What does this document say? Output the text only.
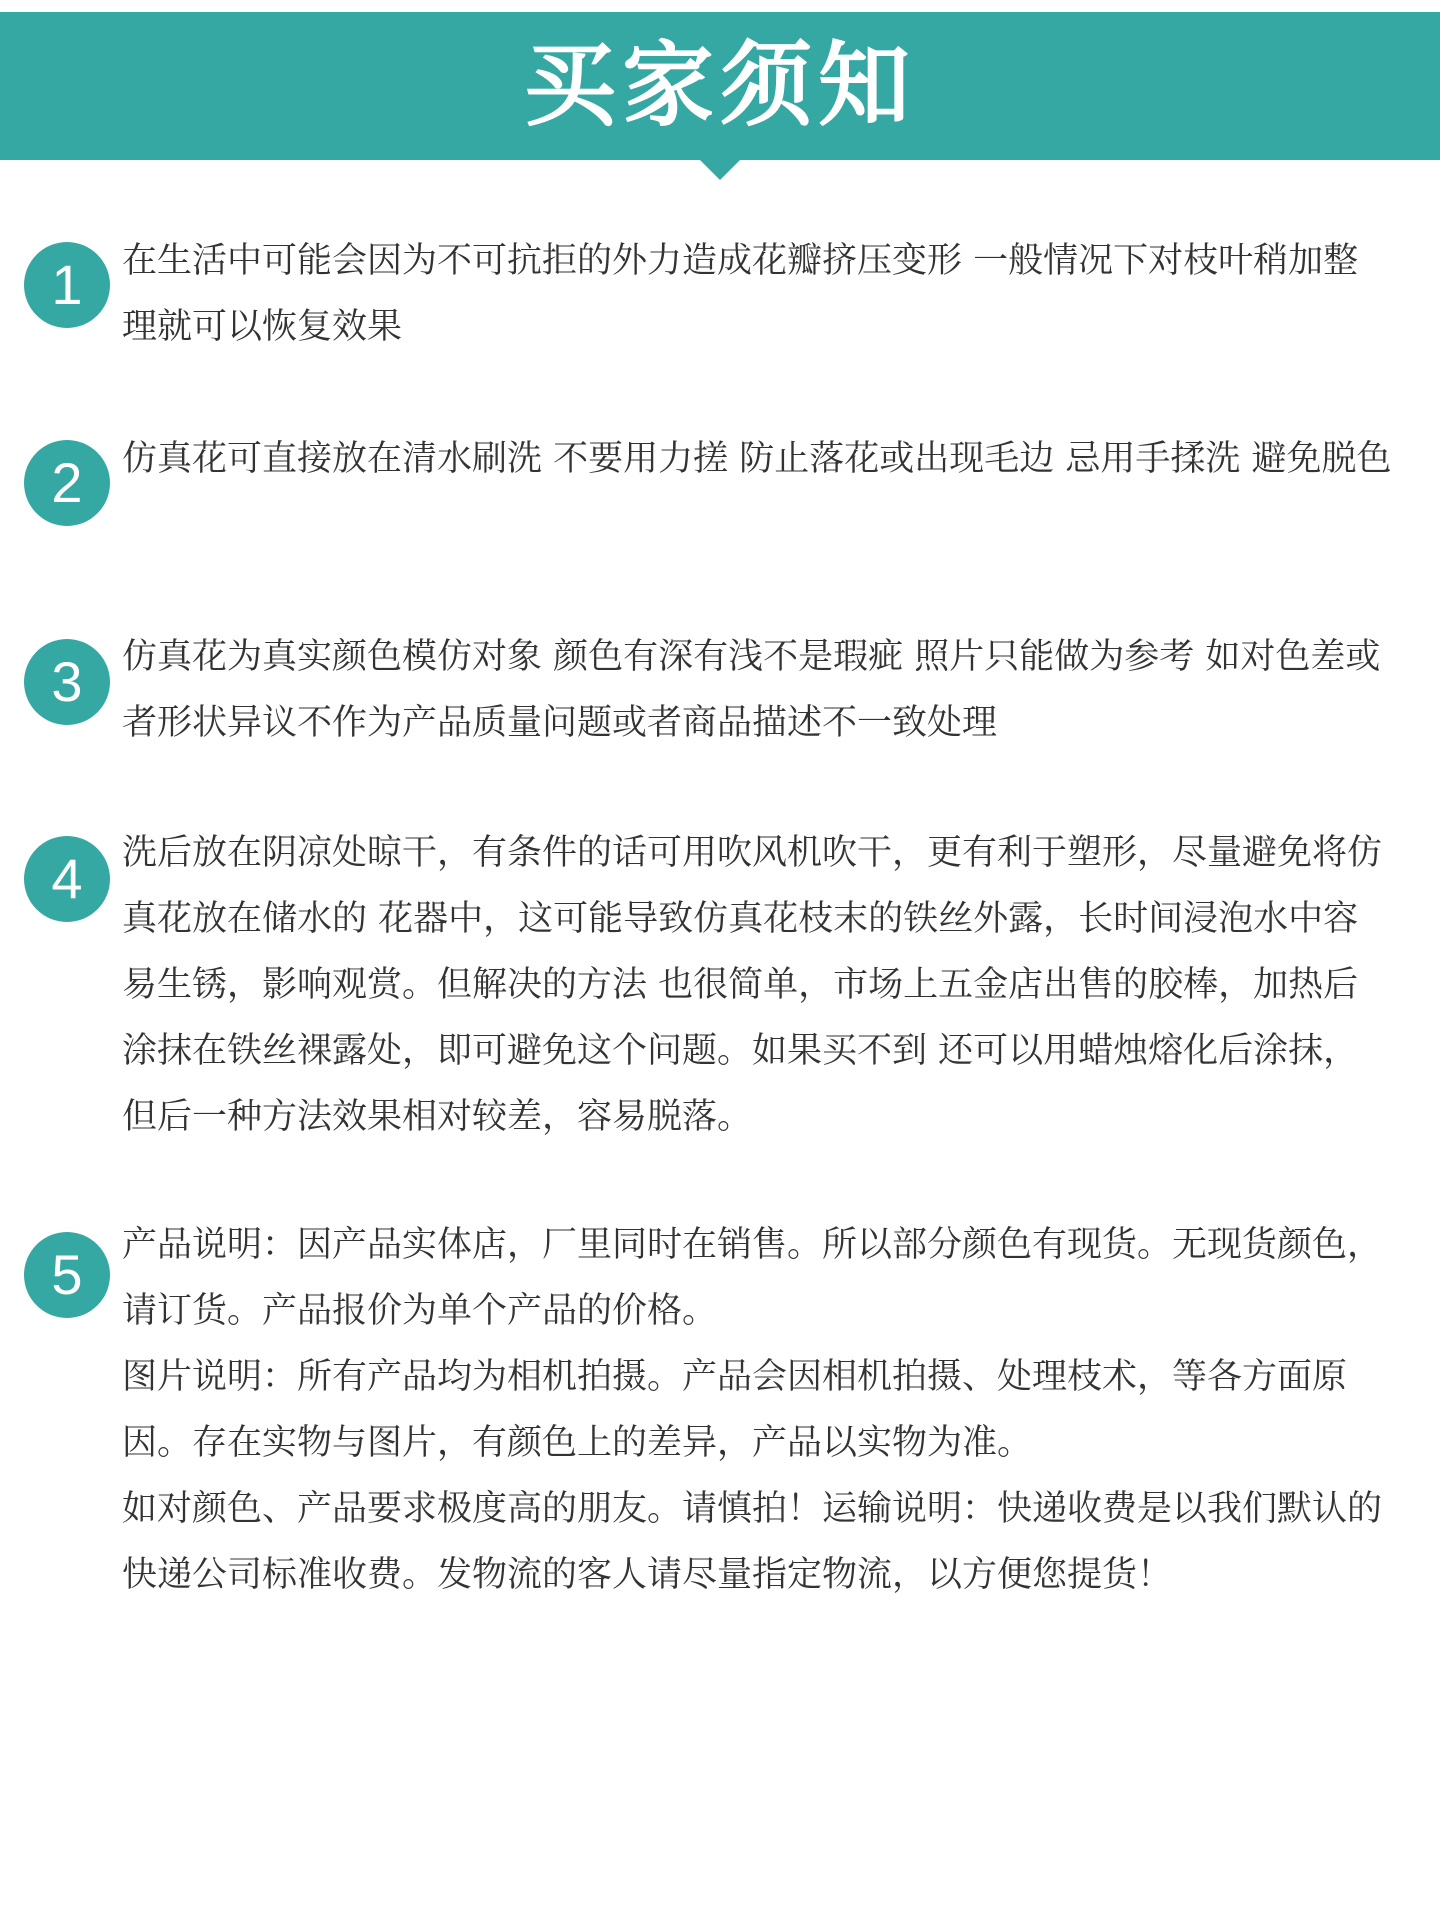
买家须知
1	在生活中可能会因为不可抗拒的外力造成花瓣挤压变形 一般情况下对枝叶稍加整理就可以恢复效果

2	仿真花可直接放在清水刷洗 不要用力搓 防止落花或出现毛边 忌用手揉洗 避免脱色

3	仿真花为真实颜色模仿对象 颜色有深有浅不是瑕疵 照片只能做为参考 如对色差或者形状异议不作为产品质量问题或者商品描述不一致处理

4	洗后放在阴凉处晾干，有条件的话可用吹风机吹干，更有利于塑形，尽量避免将仿真花放在储水的 花器中，这可能导致仿真花枝末的铁丝外露，长时间浸泡水中容易生锈，影响观赏。但解决的方法 也很简单，市场上五金店出售的胶棒，加热后涂抹在铁丝裸露处，即可避免这个问题。如果买不到 还可以用蜡烛熔化后涂抹，但后一种方法效果相对较差，容易脱落。

5	产品说明：因产品实体店，厂里同时在销售。所以部分颜色有现货。无现货颜色，请订货。产品报价为单个产品的价格。

图片说明：所有产品均为相机拍摄。产品会因相机拍摄、处理枝术，等各方面原因。存在实物与图片，有颜色上的差异，产品以实物为准。

如对颜色、产品要求极度高的朋友。请慎拍！运输说明：快递收费是以我们默认的快递公司标准收费。发物流的客人请尽量指定物流，以方便您提货！
